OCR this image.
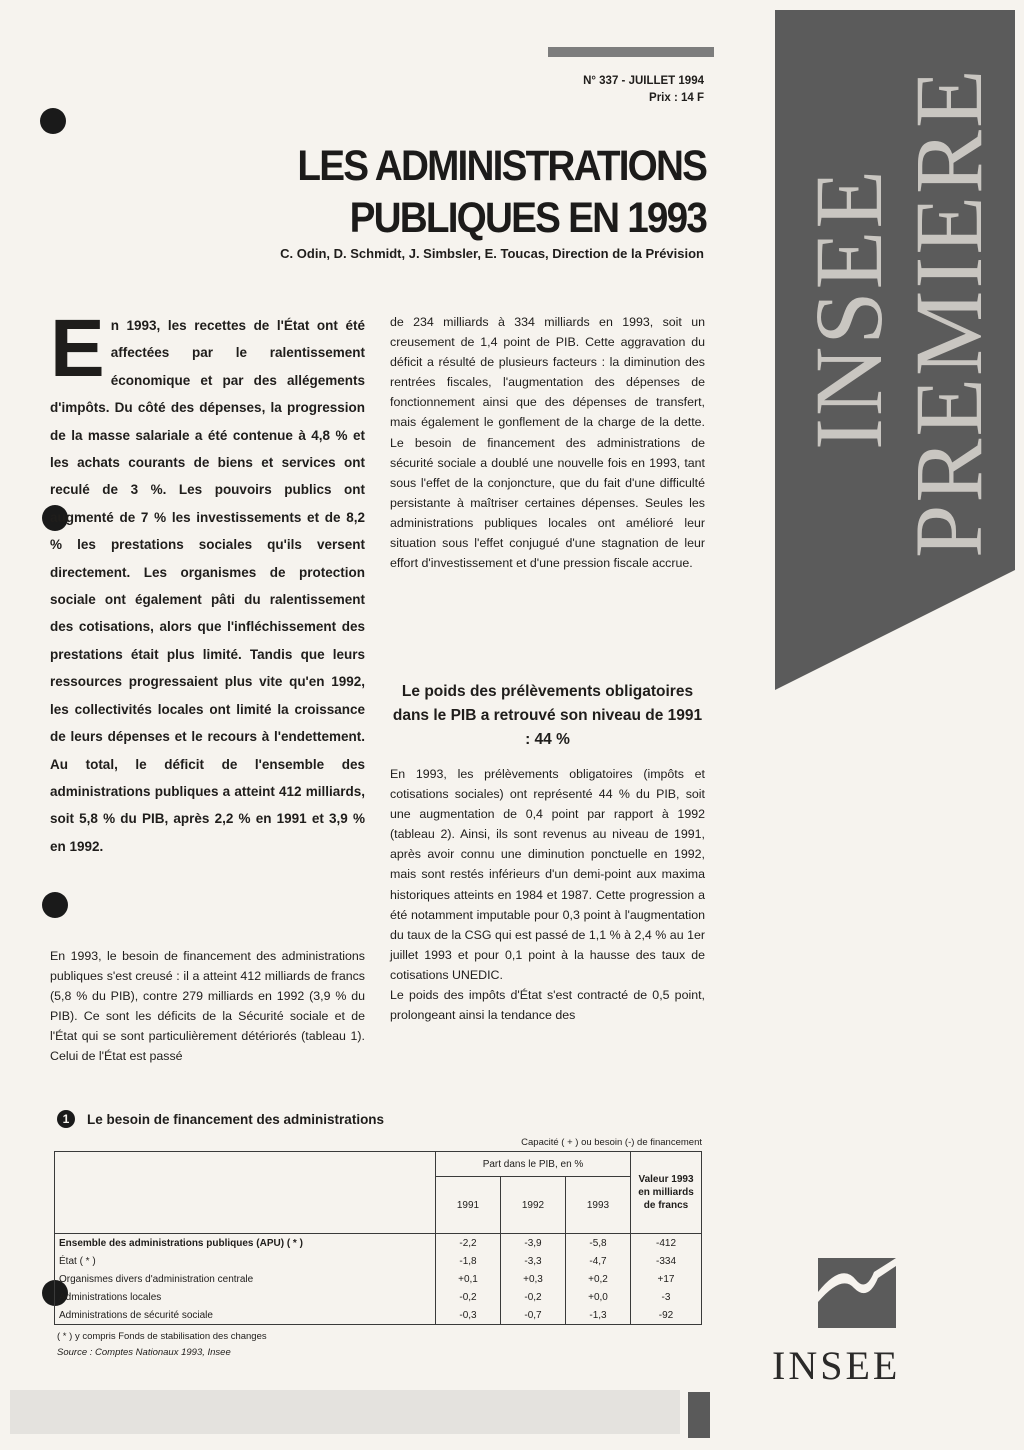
N° 337 - JUILLET 1994
Prix : 14 F
LES ADMINISTRATIONS
PUBLIQUES EN 1993
C. Odin, D. Schmidt, J. Simbsler, E. Toucas, Direction de la Prévision INSEE
PREMIERE

En 1993, les recettes de l'État ont été affectées par le ralentissement économique et par des allégements d'impôts. Du côté des dépenses, la progression de la masse salariale a été contenue à 4,8 % et les achats courants de biens et services ont reculé de 3 %. Les pouvoirs publics ont augmenté de 7 % les investissements et de 8,2 % les prestations sociales qu'ils versent directement. Les organismes de protection sociale ont également pâti du ralentissement des cotisations, alors que l'infléchissement des prestations était plus limité. Tandis que leurs ressources progressaient plus vite qu'en 1992, les collectivités locales ont limité la croissance de leurs dépenses et le recours à l'endettement. Au total, le déficit de l'ensemble des administrations publiques a atteint 412 milliards, soit 5,8 % du PIB, après 2,2 % en 1991 et 3,9 % en 1992.

En 1993, le besoin de financement des administrations publiques s'est creusé : il a atteint 412 milliards de francs (5,8 % du PIB), contre 279 milliards en 1992 (3,9 % du PIB). Ce sont les déficits de la Sécurité sociale et de l'État qui se sont particulièrement détériorés (tableau 1). Celui de l'État est passé

de 234 milliards à 334 milliards en 1993, soit un creusement de 1,4 point de PIB. Cette aggravation du déficit a résulté de plusieurs facteurs : la diminution des rentrées fiscales, l'augmentation des dépenses de fonctionnement ainsi que des dépenses de transfert, mais également le gonflement de la charge de la dette. Le besoin de financement des administrations de sécurité sociale a doublé une nouvelle fois en 1993, tant sous l'effet de la conjoncture, que du fait d'une difficulté persistante à maîtriser certaines dépenses. Seules les administrations publiques locales ont amélioré leur situation sous l'effet conjugué d'une stagnation de leur effort d'investissement et d'une pression fiscale accrue.

Le poids des prélèvements obligatoires dans le PIB a retrouvé son niveau de 1991 : 44 %

En 1993, les prélèvements obligatoires (impôts et cotisations sociales) ont représenté 44 % du PIB, soit une augmentation de 0,4 point par rapport à 1992 (tableau 2). Ainsi, ils sont revenus au niveau de 1991, après avoir connu une diminution ponctuelle en 1992, mais sont restés inférieurs d'un demi-point aux maxima historiques atteints en 1984 et 1987. Cette progression a été notamment imputable pour 0,3 point à l'augmentation du taux de la CSG qui est passé de 1,1 % à 2,4 % au 1er juillet 1993 et pour 0,1 point à la hausse des taux de cotisations UNEDIC.

Le poids des impôts d'État s'est contracté de 0,5 point, prolongeant ainsi la tendance des

1	Le besoin de financement des administrations
Capacité ( + ) ou besoin (-) de financement
	Part dans le PIB, en %			Valeur 1993 en milliards de francs
	1991	1992	1993	
Ensemble des administrations publiques (APU) ( * )	-2,2	-3,9	-5,8	-412
État ( * )	-1,8	-3,3	-4,7	-334
Organismes divers d'administration centrale	+0,1	+0,3	+0,2	+17
Administrations locales	-0,2	-0,2	+0,0	-3
Administrations de sécurité sociale	-0,3	-0,7	-1,3	-92
( * ) y compris Fonds de stabilisation des changes
Source : Comptes Nationaux 1993, Insee	INSEE
